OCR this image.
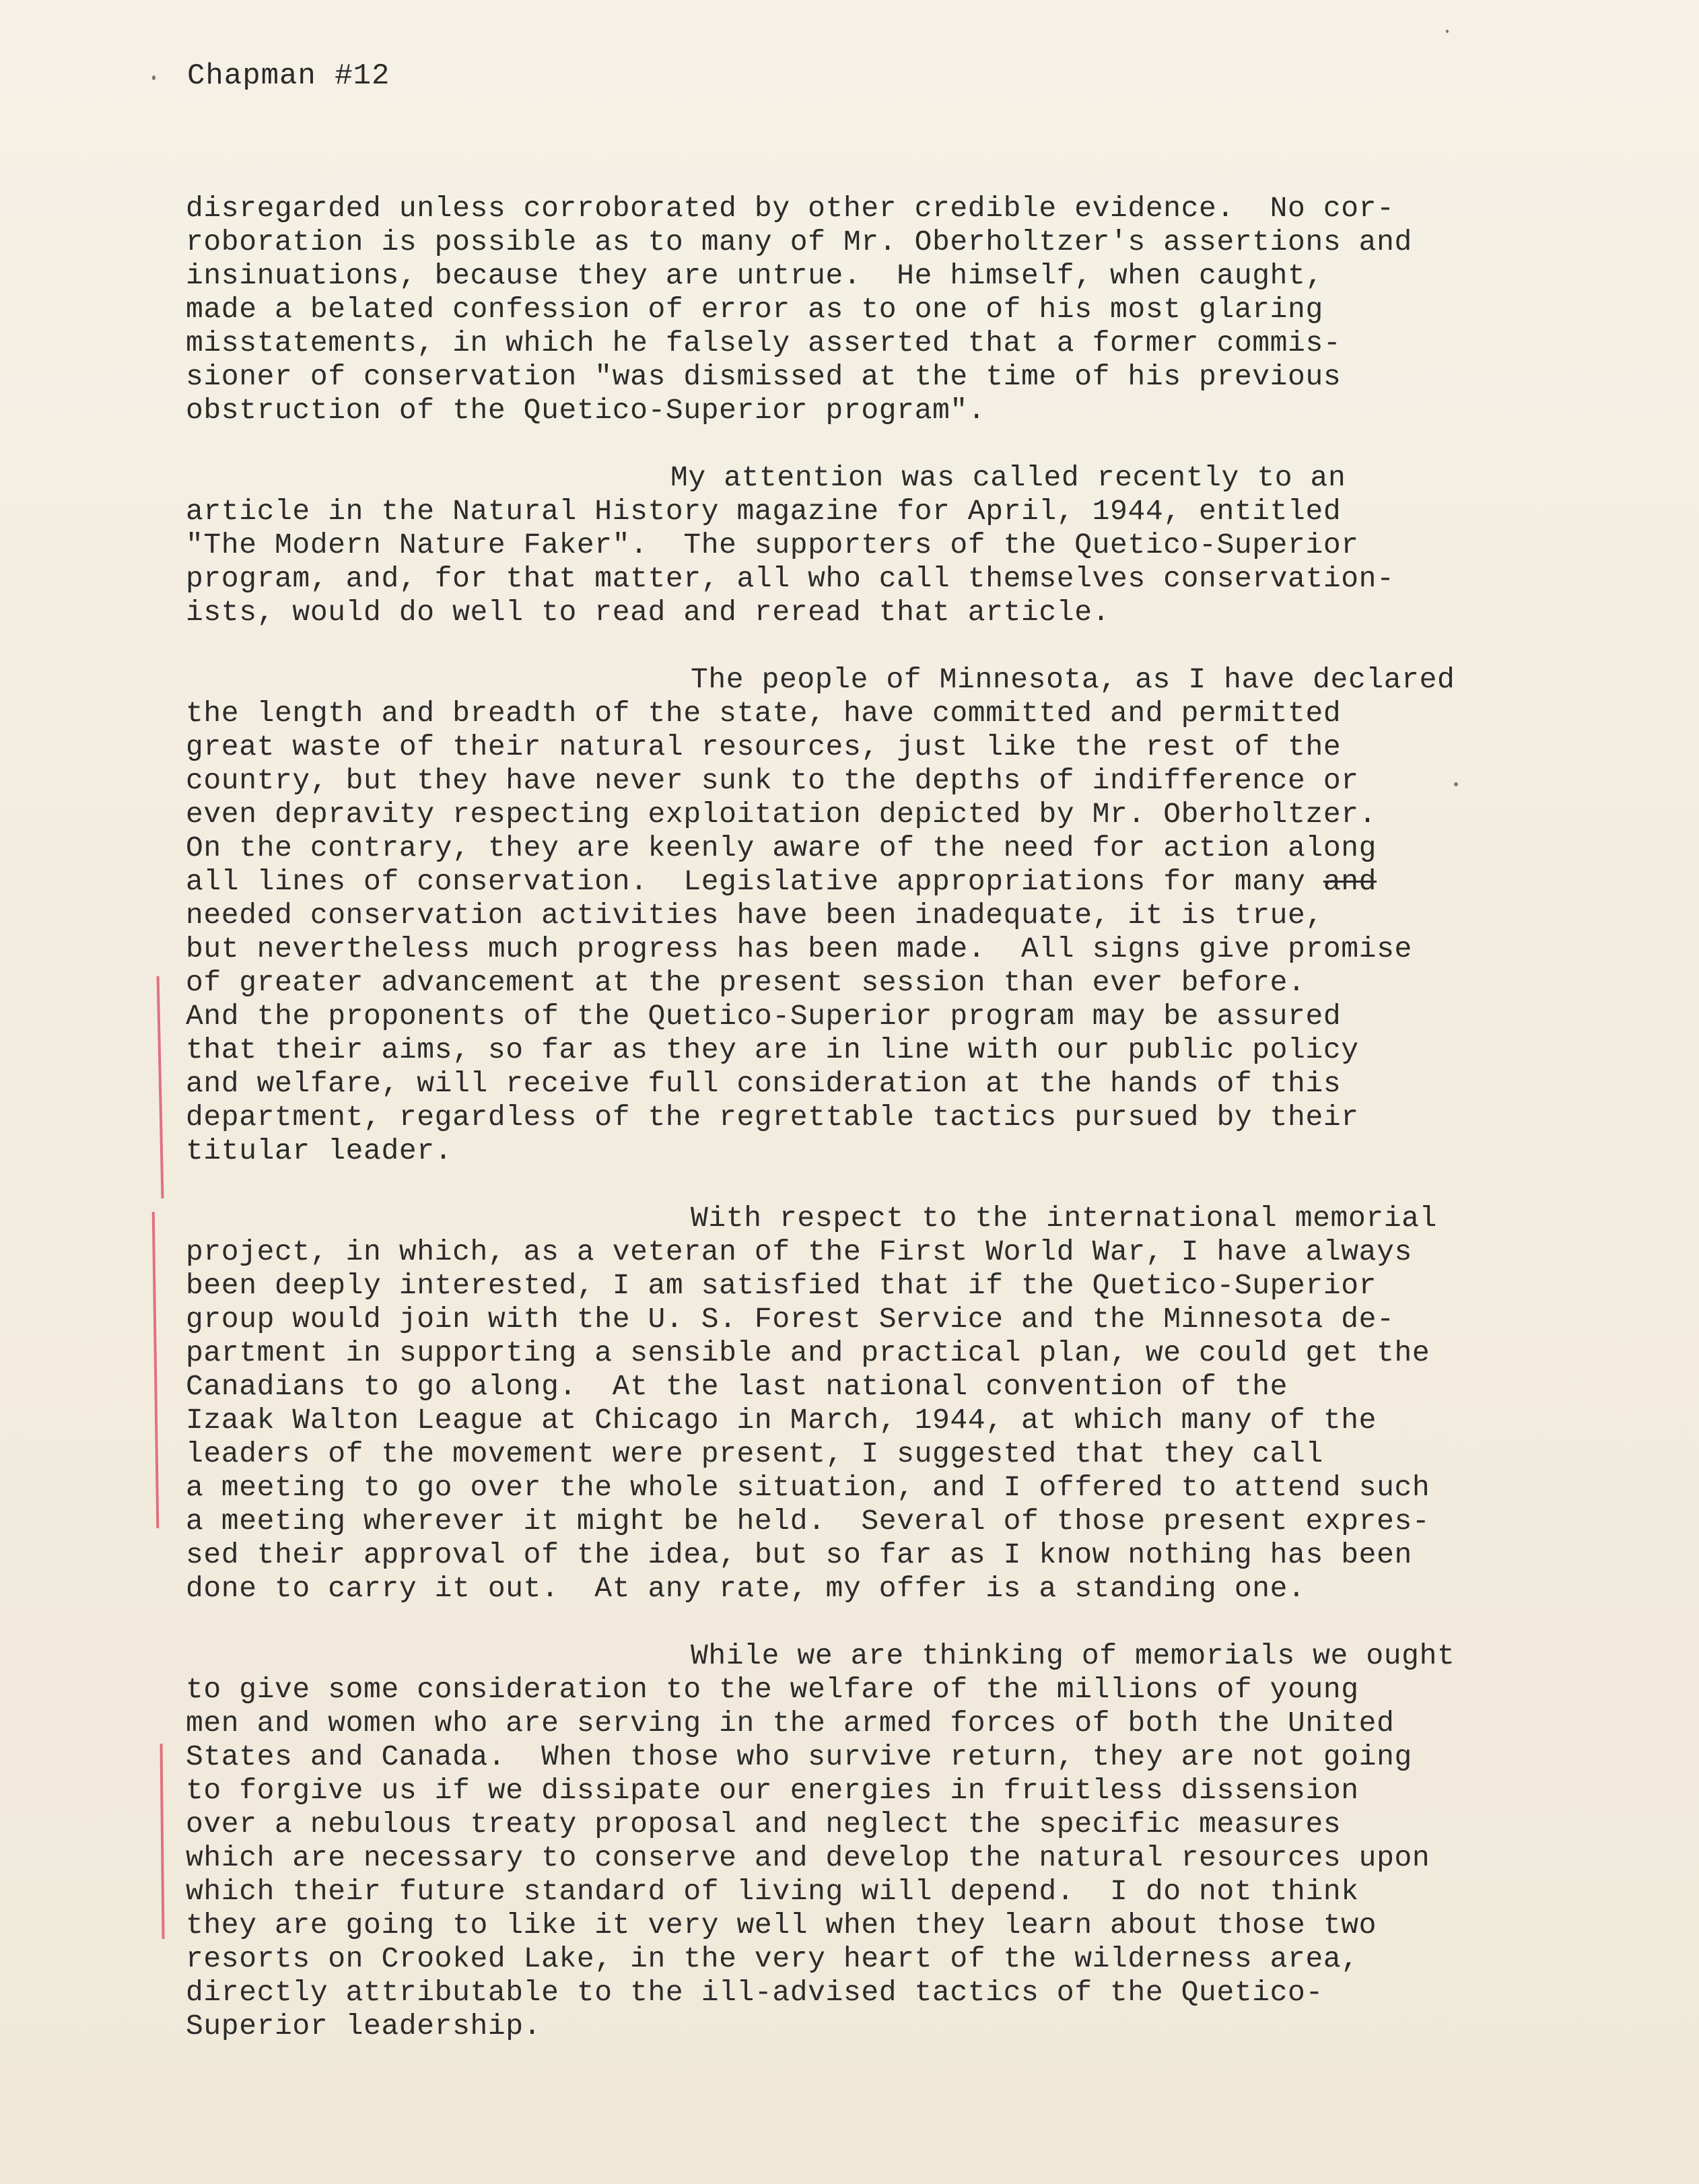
Chapman #12
disregarded unless corroborated by other credible evidence.  No cor-
roboration is possible as to many of Mr. Oberholtzer's assertions and
insinuations, because they are untrue.  He himself, when caught,
made a belated confession of error as to one of his most glaring
misstatements, in which he falsely asserted that a former commis-
sioner of conservation "was dismissed at the time of his previous
obstruction of the Quetico-Superior program".
My attention was called recently to an
article in the Natural History magazine for April, 1944, entitled
"The Modern Nature Faker".  The supporters of the Quetico-Superior
program, and, for that matter, all who call themselves conservation-
ists, would do well to read and reread that article.
The people of Minnesota, as I have declared
the length and breadth of the state, have committed and permitted
great waste of their natural resources, just like the rest of the
country, but they have never sunk to the depths of indifference or
even depravity respecting exploitation depicted by Mr. Oberholtzer.
On the contrary, they are keenly aware of the need for action along
all lines of conservation.  Legislative appropriations for many and
needed conservation activities have been inadequate, it is true,
but nevertheless much progress has been made.  All signs give promise
of greater advancement at the present session than ever before.
And the proponents of the Quetico-Superior program may be assured
that their aims, so far as they are in line with our public policy
and welfare, will receive full consideration at the hands of this
department, regardless of the regrettable tactics pursued by their
titular leader.
With respect to the international memorial
project, in which, as a veteran of the First World War, I have always
been deeply interested, I am satisfied that if the Quetico-Superior
group would join with the U. S. Forest Service and the Minnesota de-
partment in supporting a sensible and practical plan, we could get the
Canadians to go along.  At the last national convention of the
Izaak Walton League at Chicago in March, 1944, at which many of the
leaders of the movement were present, I suggested that they call
a meeting to go over the whole situation, and I offered to attend such
a meeting wherever it might be held.  Several of those present expres-
sed their approval of the idea, but so far as I know nothing has been
done to carry it out.  At any rate, my offer is a standing one.
While we are thinking of memorials we ought
to give some consideration to the welfare of the millions of young
men and women who are serving in the armed forces of both the United
States and Canada.  When those who survive return, they are not going
to forgive us if we dissipate our energies in fruitless dissension
over a nebulous treaty proposal and neglect the specific measures
which are necessary to conserve and develop the natural resources upon
which their future standard of living will depend.  I do not think
they are going to like it very well when they learn about those two
resorts on Crooked Lake, in the very heart of the wilderness area,
directly attributable to the ill-advised tactics of the Quetico-
Superior leadership.
